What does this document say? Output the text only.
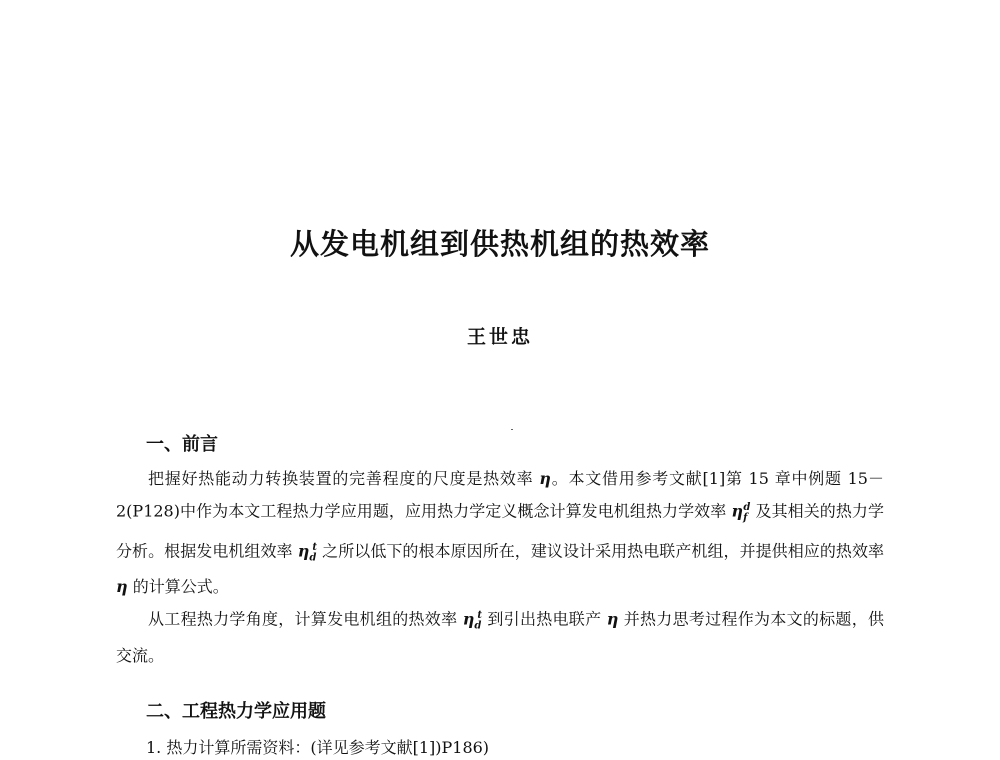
从发电机组到供热机组的热效率
王世忠
一、前言

把握好热能动力转换装置的完善程度的尺度是热效率 η。本文借用参考文献[1]第 15 章中例题 15－2(P128)中作为本文工程热力学应用题，应用热力学定义概念计算发电机组热力学效率 $\eta_f^d$ 及其相关的热力学分析。根据发电机组效率 $\eta_d^t$ 之所以低下的根本原因所在，建议设计采用热电联产机组，并提供相应的热效率 η 的计算公式。

从工程热力学角度，计算发电机组的热效率 $\eta_d^t$ 到引出热电联产 η 并热力思考过程作为本文的标题，供交流。

二、工程热力学应用题
1. 热力计算所需资料：(详见参考文献[1])P186)
